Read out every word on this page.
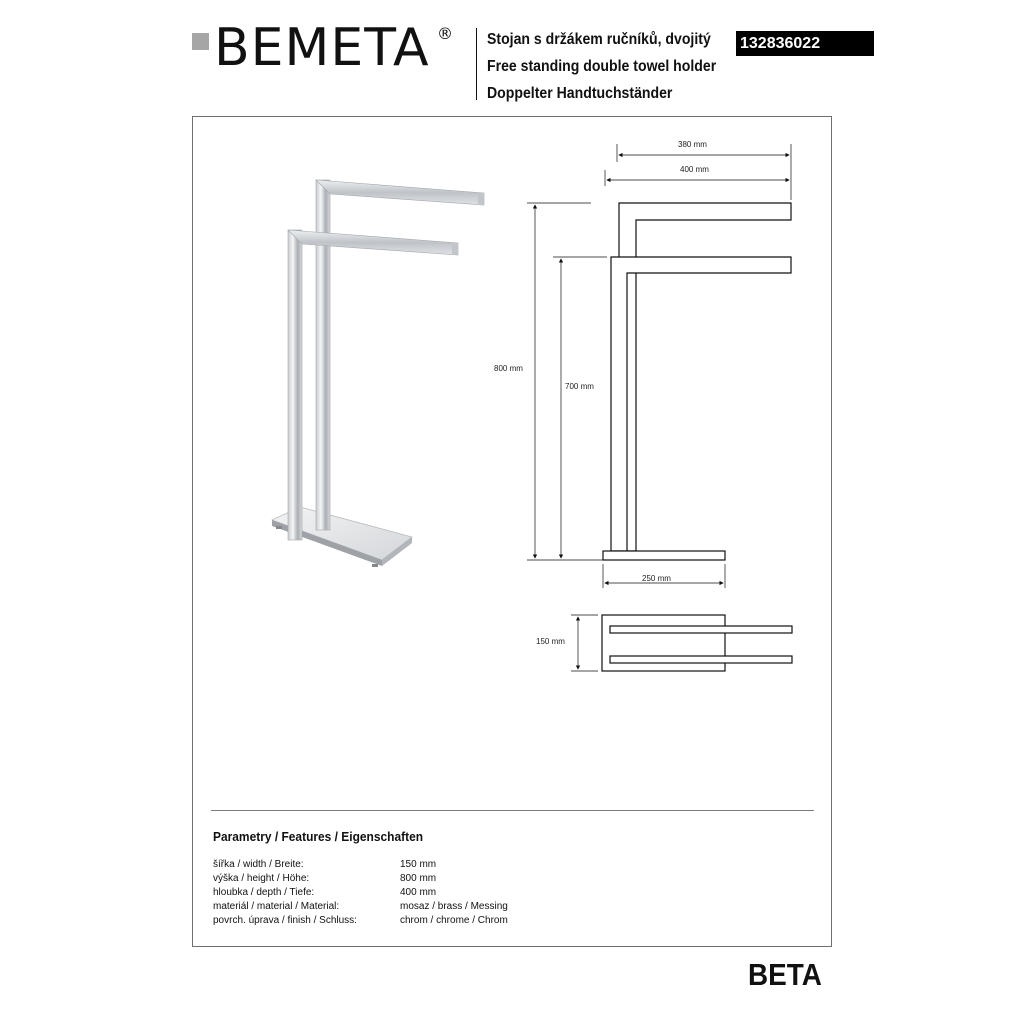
BEMETA ® Stojan s držákem ručníků, dvojitý
Free standing double towel holder
Doppelter Handtuchständer
132836022
380 mm
400 mm
800 mm
700 mm
250 mm
150 mm
Parametry / Features / Eigenschaften
šířka / width / Breite:	150 mm
výška / height / Höhe:	800 mm
hloubka / depth / Tiefe:	400 mm
materiál / material / Material:	mosaz / brass / Messing
povrch. úprava / finish / Schluss:	chrom / chrome / Chrom
BETA
